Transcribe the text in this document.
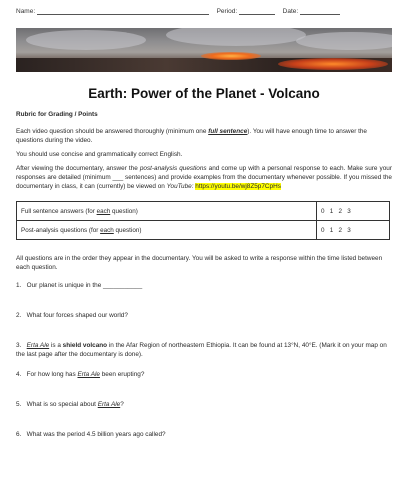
Name:	Period:	Date:
Earth: Power of the Planet - Volcano

Rubric for Grading / Points

Each video question should be answered thoroughly (minimum one full sentence). You will have enough time to answer the questions during the video.

You should use concise and grammatically correct English.

After viewing the documentary, answer the post-analysis questions and come up with a personal response to each. Make sure your responses are detailed (minimum ___ sentences) and provide examples from the documentary whenever possible. If you missed the documentary in class, it can (currently) be viewed on YouTube: https://youtu.be/wj8Z5p7CpHs

Full sentence answers (for each question)	0   1   2   3
Post-analysis questions (for each question)	0   1   2   3

All questions are in the order they appear in the documentary. You will be asked to write a response within the time listed between each question.

1.   Our planet is unique in the ___________

2.   What four forces shaped our world?

3.   Erta Ale is a shield volcano in the Afar Region of northeastern Ethiopia. It can be found at 13°N, 40°E. (Mark it on your map on the last page after the documentary is done).

4.   For how long has Erta Ale been erupting?

5.   What is so special about Erta Ale?

6.   What was the period 4.5 billion years ago called?
